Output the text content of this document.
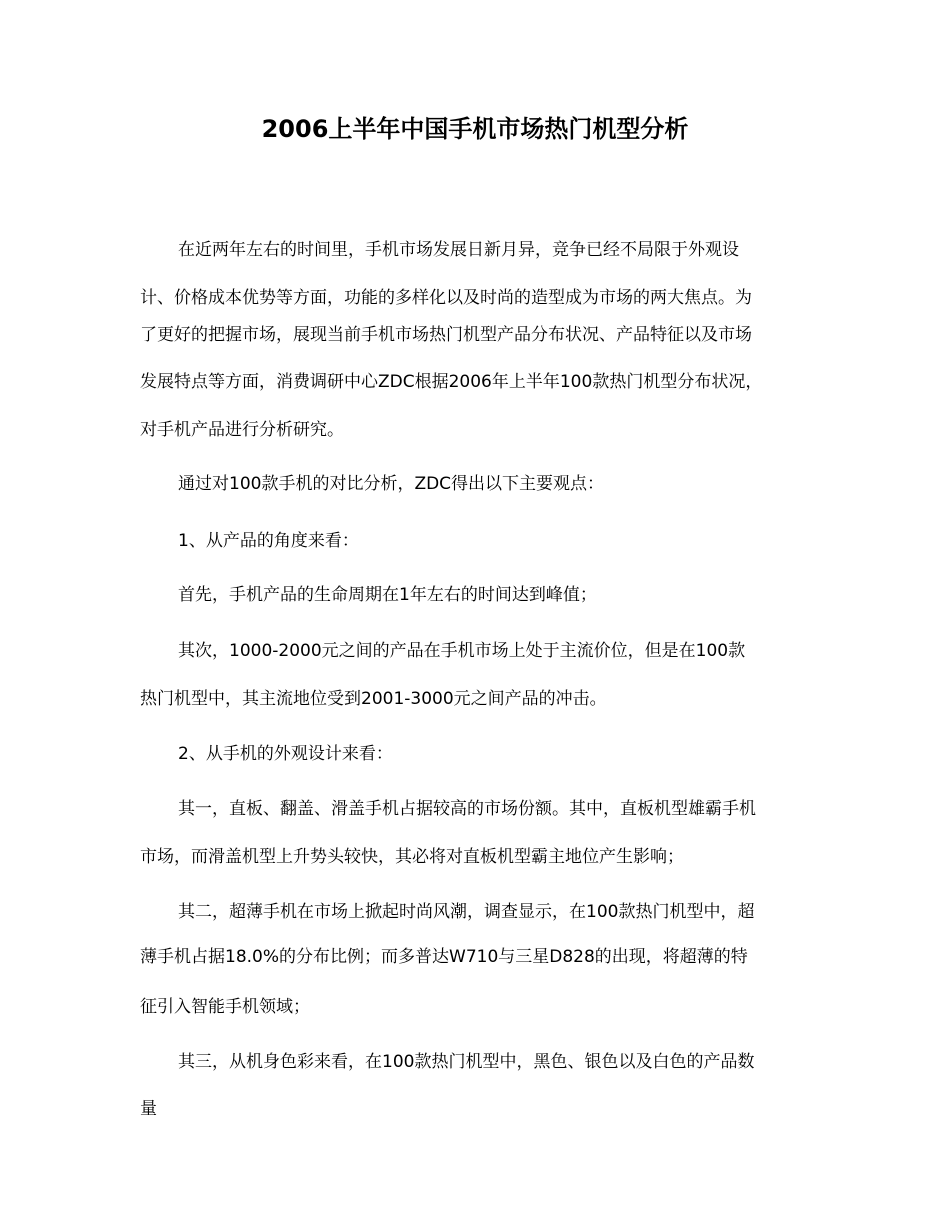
2006上半年中国手机市场热门机型分析
在近两年左右的时间里，手机市场发展日新月异，竞争已经不局限于外观设
计、价格成本优势等方面，功能的多样化以及时尚的造型成为市场的两大焦点。为
了更好的把握市场，展现当前手机市场热门机型产品分布状况、产品特征以及市场
发展特点等方面，消费调研中心ZDC根据2006年上半年100款热门机型分布状况，
对手机产品进行分析研究。
通过对100款手机的对比分析，ZDC得出以下主要观点：
1、从产品的角度来看：
首先，手机产品的生命周期在1年左右的时间达到峰值；
其次，1000-2000元之间的产品在手机市场上处于主流价位，但是在100款
热门机型中，其主流地位受到2001-3000元之间产品的冲击。
2、从手机的外观设计来看：
其一，直板、翻盖、滑盖手机占据较高的市场份额。其中，直板机型雄霸手机
市场，而滑盖机型上升势头较快，其必将对直板机型霸主地位产生影响；
其二，超薄手机在市场上掀起时尚风潮，调查显示，在100款热门机型中，超
薄手机占据18.0%的分布比例；而多普达W710与三星D828的出现，将超薄的特
征引入智能手机领域；
其三，从机身色彩来看，在100款热门机型中，黑色、银色以及白色的产品数
量
